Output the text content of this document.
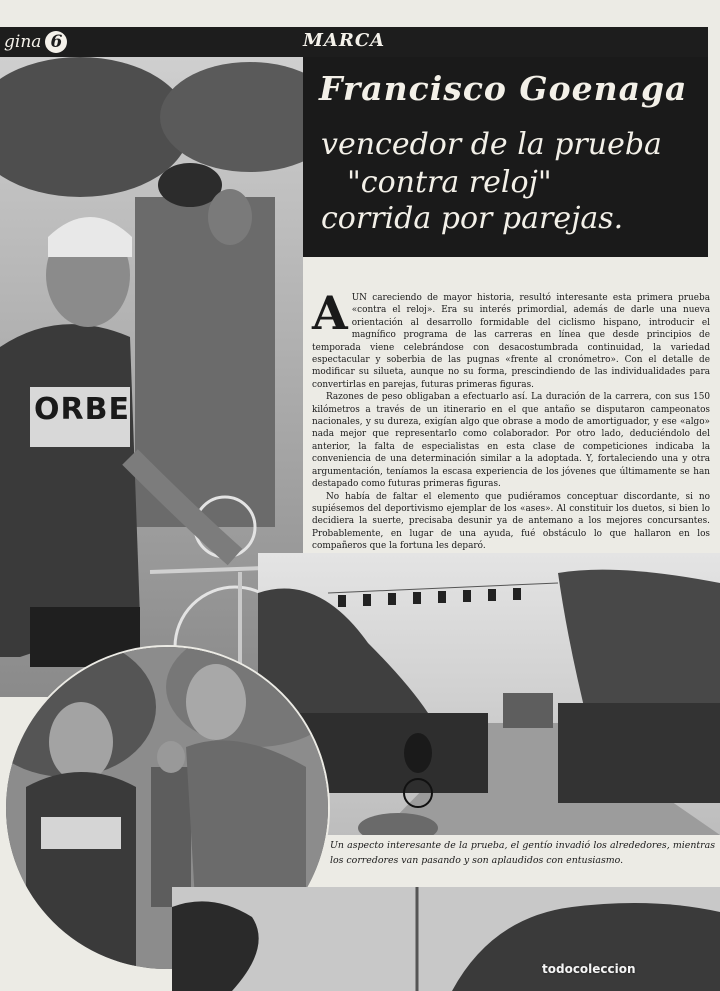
gina 6	MARCA
ORBE
Francisco Goenaga
vencedor de la prueba
"contra reloj"
corrida por parejas.

AUN careciendo de mayor historia, resultó interesante esta primera prueba «contra el reloj». Era su interés primordial, además de darle una nueva orientación al desarrollo formidable del ciclismo hispano, introducir el magnífico programa de las carreras en línea que desde principios de temporada viene celebrándose con desacostumbrada continuidad, la variedad espectacular y soberbia de las pugnas «frente al cronómetro». Con el detalle de modificar su silueta, aunque no su forma, prescindiendo de las individualidades para convertirlas en parejas, futuras primeras figuras.

Razones de peso obligaban a efectuarlo así. La duración de la carrera, con sus 150 kilómetros a través de un itinerario en el que antaño se disputaron campeonatos nacionales, y su dureza, exigían algo que obrase a modo de amortiguador, y ese «algo» nada mejor que representarlo como colaborador. Por otro lado, deduciéndolo del anterior, la falta de especialistas en esta clase de competiciones indicaba la conveniencia de una determinación similar a la adoptada. Y, fortaleciendo una y otra argumentación, teníamos la escasa experiencia de los jóvenes que últimamente se han destapado como futuras primeras figuras.

No había de faltar el elemento que pudiéramos conceptuar discordante, si no supiésemos del deportivismo ejemplar de los «ases». Al constituir los duetos, si bien lo decidiera la suerte, precisaba desunir ya de antemano a los mejores concursantes. Probablemente, en lugar de una ayuda, fué obstáculo lo que hallaron en los compañeros que la fortuna les deparó.

Un aspecto interesante de la prueba, el gentío invadió los alrededores, mientras los corredores van pasando y son aplaudidos con entusiasmo.
todocoleccion
